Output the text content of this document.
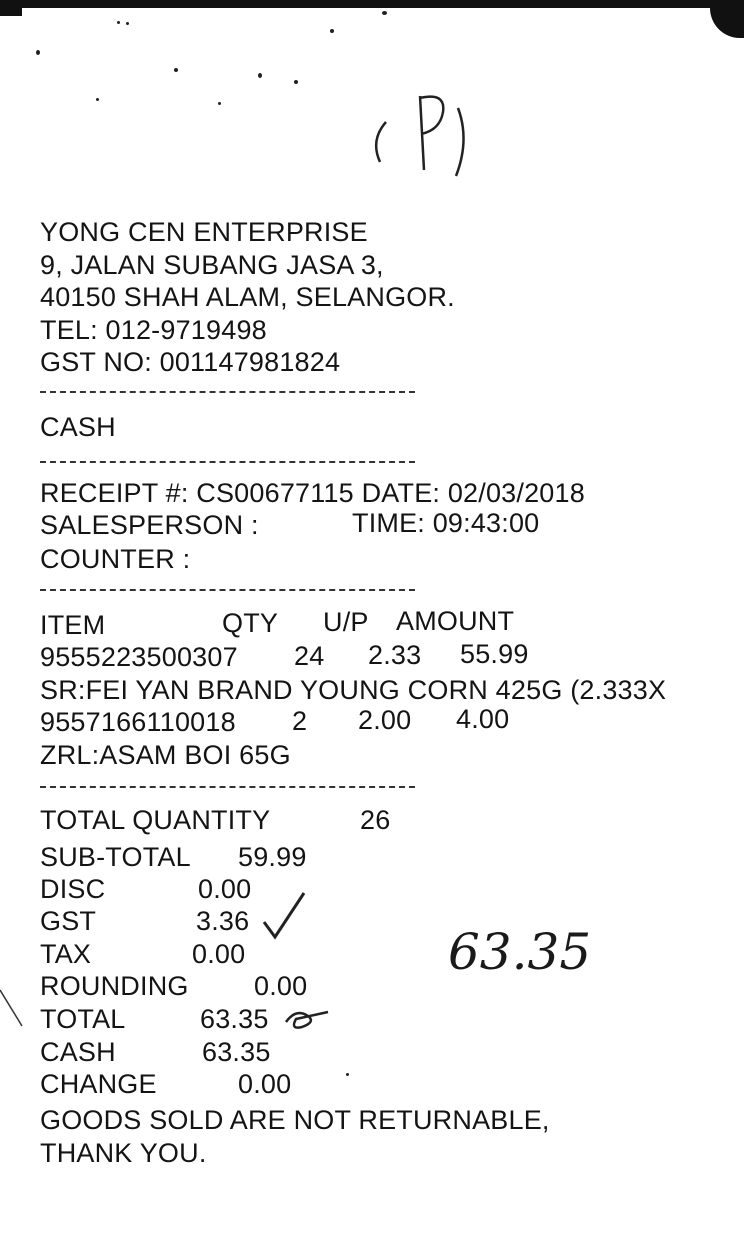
63.35
YONG CEN ENTERPRISE
9, JALAN SUBANG JASA 3,
40150 SHAH ALAM, SELANGOR.
TEL: 012-9719498
GST NO: 001147981824
CASH
RECEIPT #: CS00677115 DATE: 02/03/2018
SALESPERSON :	TIME: 09:43:00
COUNTER :
ITEM	QTY U/P AMOUNT
9555223500307 24 2.33 55.99
SR:FEI YAN BRAND YOUNG CORN 425G (2.333X
9557166110018 2 2.00 4.00
ZRL:ASAM BOI 65G
TOTAL QUANTITY	26
SUB-TOTAL 59.99
DISC	0.00
GST	3.36
TAX	0.00
ROUNDING 0.00
TOTAL	63.35
CASH	63.35
CHANGE	0.00
GOODS SOLD ARE NOT RETURNABLE,
THANK YOU.
